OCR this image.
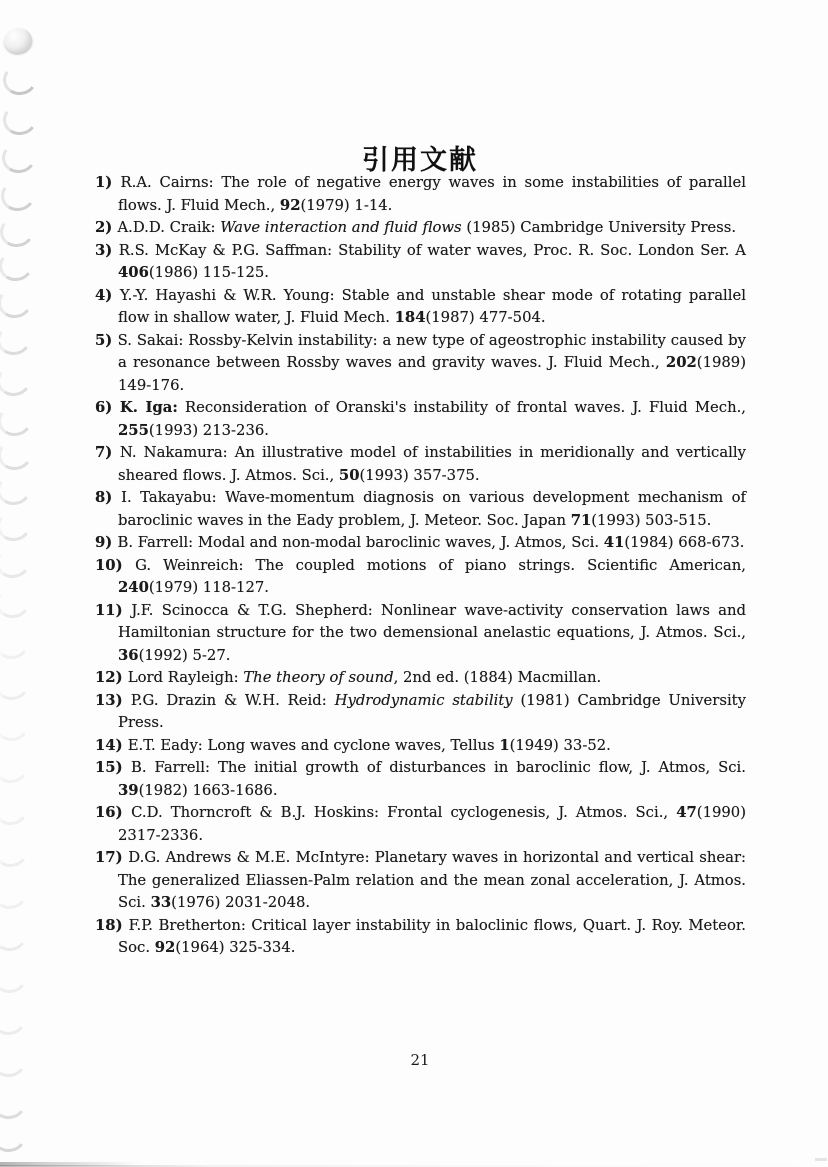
引用文献
1) R.A. Cairns: The role of negative energy waves in some instabilities of parallel flows. J. Fluid Mech., 92(1979) 1-14.
2) A.D.D. Craik: Wave interaction and fluid flows (1985) Cambridge University Press.
3) R.S. McKay & P.G. Saffman: Stability of water waves, Proc. R. Soc. London Ser. A 406(1986) 115-125.
4) Y.-Y. Hayashi & W.R. Young: Stable and unstable shear mode of rotating parallel flow in shallow water, J. Fluid Mech. 184(1987) 477-504.
5) S. Sakai: Rossby-Kelvin instability: a new type of ageostrophic instability caused by a resonance between Rossby waves and gravity waves. J. Fluid Mech., 202(1989) 149-176.
6) K. Iga: Reconsideration of Oranski's instability of frontal waves. J. Fluid Mech., 255(1993) 213-236.
7) N. Nakamura: An illustrative model of instabilities in meridionally and vertically sheared flows. J. Atmos. Sci., 50(1993) 357-375.
8) I. Takayabu: Wave-momentum diagnosis on various development mechanism of baroclinic waves in the Eady problem, J. Meteor. Soc. Japan 71(1993) 503-515.
9) B. Farrell: Modal and non-modal baroclinic waves, J. Atmos, Sci. 41(1984) 668-673.
10) G. Weinreich: The coupled motions of piano strings. Scientific American, 240(1979) 118-127.
11) J.F. Scinocca & T.G. Shepherd: Nonlinear wave-activity conservation laws and Hamiltonian structure for the two demensional anelastic equations, J. Atmos. Sci., 36(1992) 5-27.
12) Lord Rayleigh: The theory of sound, 2nd ed. (1884) Macmillan.
13) P.G. Drazin & W.H. Reid: Hydrodynamic stability (1981) Cambridge University Press.
14) E.T. Eady: Long waves and cyclone waves, Tellus 1(1949) 33-52.
15) B. Farrell: The initial growth of disturbances in baroclinic flow, J. Atmos, Sci. 39(1982) 1663-1686.
16) C.D. Thorncroft & B.J. Hoskins: Frontal cyclogenesis, J. Atmos. Sci., 47(1990) 2317-2336.
17) D.G. Andrews & M.E. McIntyre: Planetary waves in horizontal and vertical shear: The generalized Eliassen-Palm relation and the mean zonal acceleration, J. Atmos. Sci. 33(1976) 2031-2048.
18) F.P. Bretherton: Critical layer instability in baloclinic flows, Quart. J. Roy. Meteor. Soc. 92(1964) 325-334.
21
